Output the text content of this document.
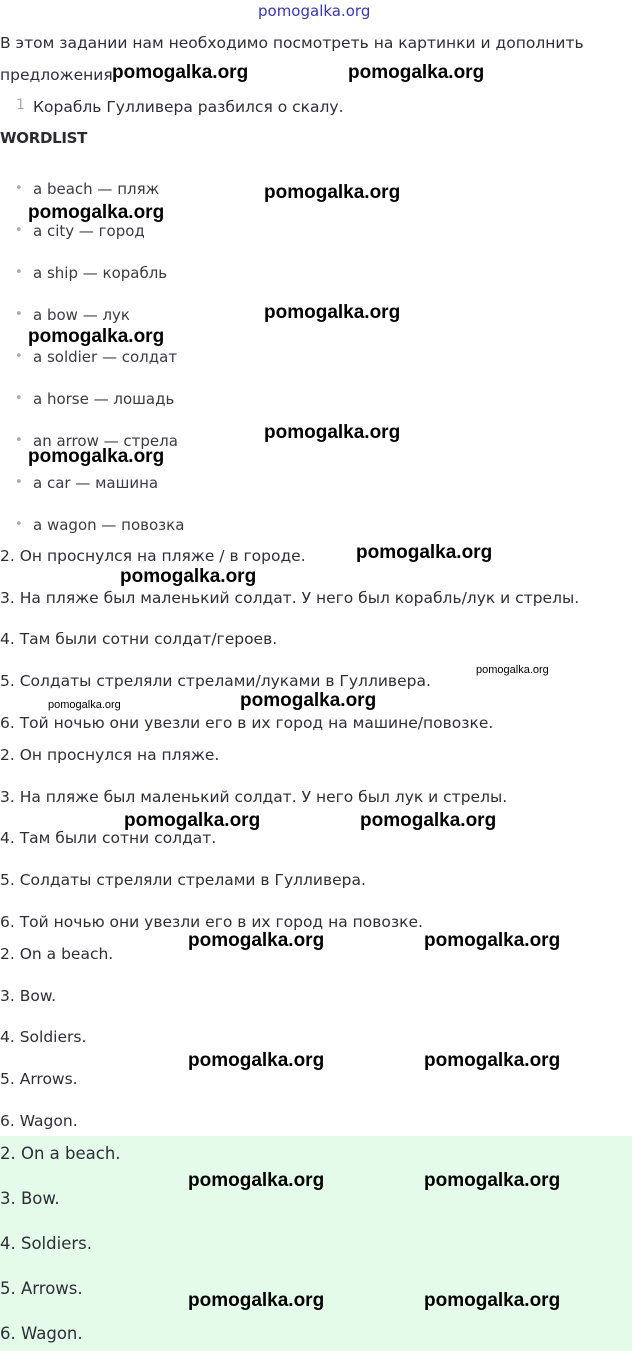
pomogalka.org
В этом задании нам необходимо посмотреть на картинки и дополнить
предложения.
1 Корабль Гулливера разбился о скалу.
WORDLIST
• a beach — пляж
• a city — город
• a ship — корабль
• a bow — лук
• a soldier — солдат
• a horse — лошадь
• an arrow — стрела
• a car — машина
• a wagon — повозка
2. Он проснулся на пляже / в городе.
3. На пляже был маленький солдат. У него был корабль/лук и стрелы.
4. Там были сотни солдат/героев.
5. Солдаты стреляли стрелами/луками в Гулливера.
6. Той ночью они увезли его в их город на машине/повозке.
2. Он проснулся на пляже.
3. На пляже был маленький солдат. У него был лук и стрелы.
4. Там были сотни солдат.
5. Солдаты стреляли стрелами в Гулливера.
6. Той ночью они увезли его в их город на повозке.
2. On a beach.
3. Bow.
4. Soldiers.
5. Arrows.
6. Wagon.
2. On a beach.
3. Bow.
4. Soldiers.
5. Arrows.
6. Wagon.
pomogalka.org	pomogalka.org
pomogalka.org
pomogalka.org
pomogalka.org
pomogalka.org
pomogalka.org
pomogalka.org
pomogalka.org
pomogalka.org
pomogalka.org
pomogalka.org
pomogalka.org
pomogalka.org	pomogalka.org
pomogalka.org	pomogalka.org
pomogalka.org	pomogalka.org
pomogalka.org	pomogalka.org
pomogalka.org	pomogalka.org
